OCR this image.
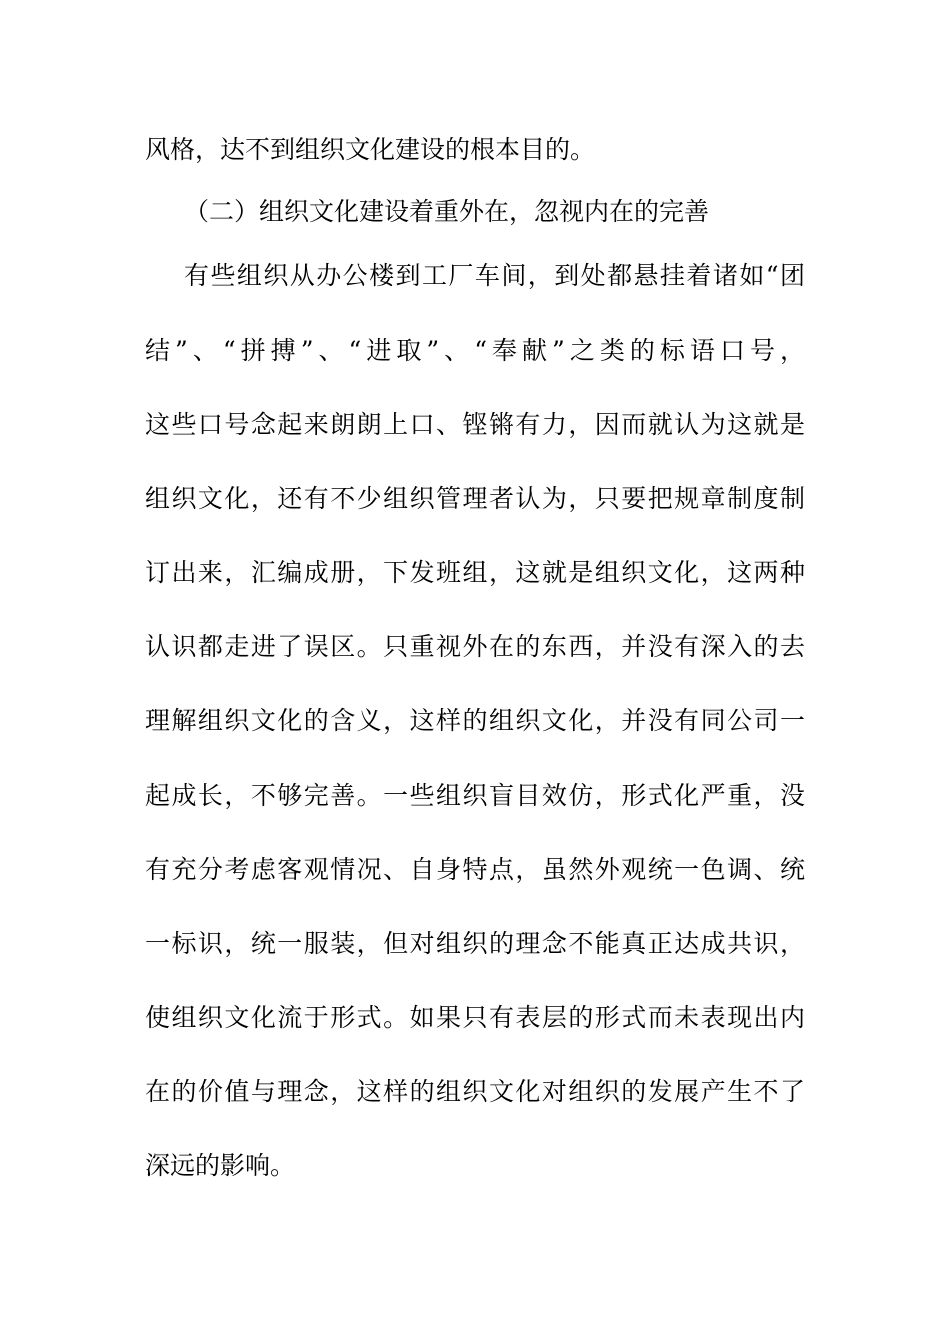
风格，达不到组织文化建设的根本目的。
（二）组织文化建设着重外在，忽视内在的完善
有些组织从办公楼到工厂车间，到处都悬挂着诸如“团
结”、“拼搏”、“进取”、“奉献”之类的标语口号，
这些口号念起来朗朗上口、铿锵有力，因而就认为这就是
组织文化，还有不少组织管理者认为，只要把规章制度制
订出来，汇编成册，下发班组，这就是组织文化，这两种
认识都走进了误区。只重视外在的东西，并没有深入的去
理解组织文化的含义，这样的组织文化，并没有同公司一
起成长，不够完善。一些组织盲目效仿，形式化严重，没
有充分考虑客观情况、自身特点，虽然外观统一色调、统
一标识，统一服装，但对组织的理念不能真正达成共识，
使组织文化流于形式。如果只有表层的形式而未表现出内
在的价值与理念，这样的组织文化对组织的发展产生不了
深远的影响。
